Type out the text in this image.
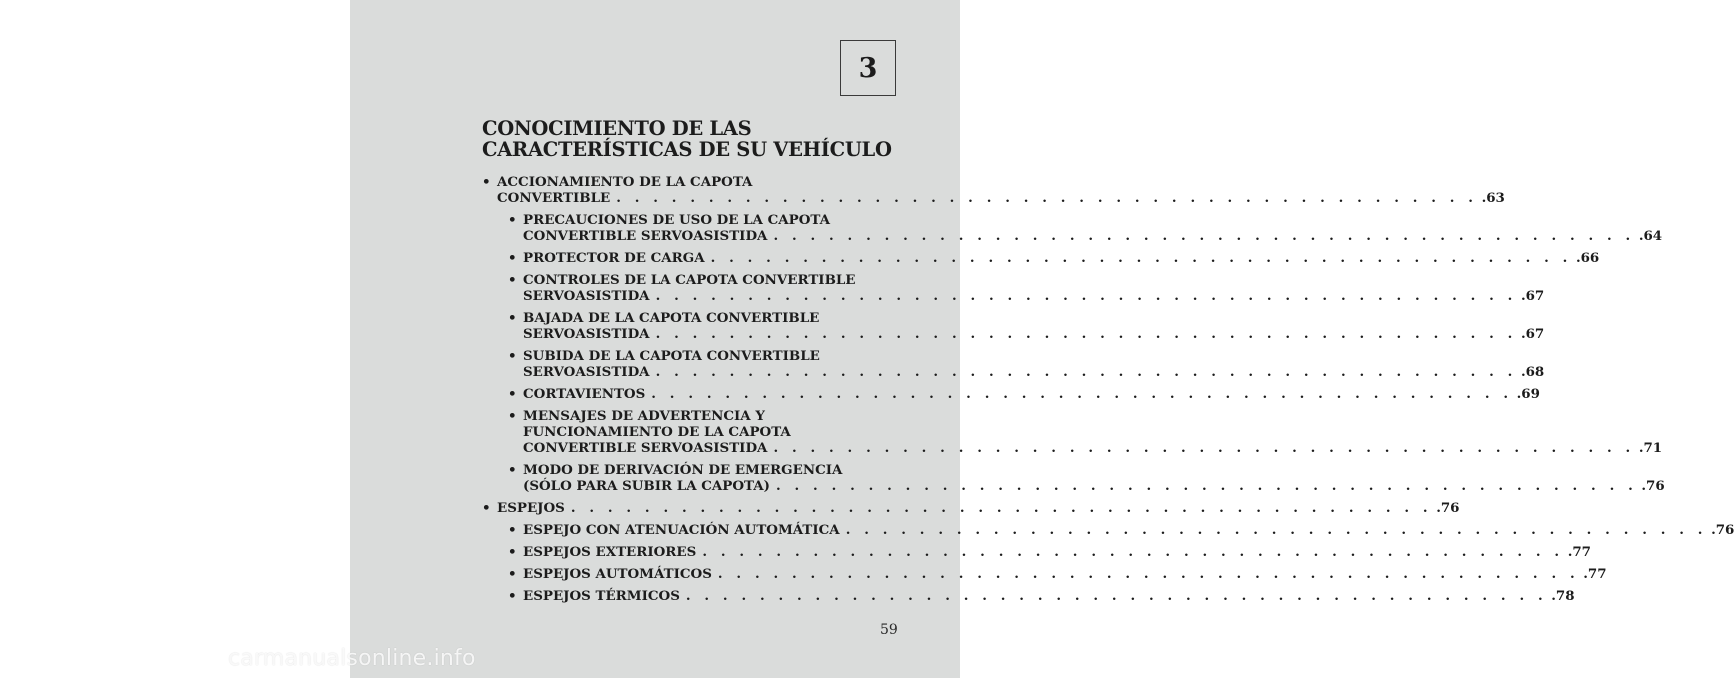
3
CONOCIMIENTO DE LAS
CARACTERÍSTICAS DE SU VEHÍCULO
• ACCIONAMIENTO DE LA CAPOTA
CONVERTIBLE . . . . . . . . . . . . . . . . . . . . . . . . . . . . . . . . . . . . . . . . . . . . . . . .63
• PRECAUCIONES DE USO DE LA CAPOTA
CONVERTIBLE SERVOASISTIDA . . . . . . . . . . . . . . . . . . . . . . . . . . . . . . . . . . . . . . . . . . . . . . . .64
• PROTECTOR DE CARGA . . . . . . . . . . . . . . . . . . . . . . . . . . . . . . . . . . . . . . . . . . . . . . . .66
• CONTROLES DE LA CAPOTA CONVERTIBLE
SERVOASISTIDA . . . . . . . . . . . . . . . . . . . . . . . . . . . . . . . . . . . . . . . . . . . . . . . .67
• BAJADA DE LA CAPOTA CONVERTIBLE
SERVOASISTIDA . . . . . . . . . . . . . . . . . . . . . . . . . . . . . . . . . . . . . . . . . . . . . . . .67
• SUBIDA DE LA CAPOTA CONVERTIBLE
SERVOASISTIDA . . . . . . . . . . . . . . . . . . . . . . . . . . . . . . . . . . . . . . . . . . . . . . . .68
• CORTAVIENTOS . . . . . . . . . . . . . . . . . . . . . . . . . . . . . . . . . . . . . . . . . . . . . . . .69
• MENSAJES DE ADVERTENCIA Y
FUNCIONAMIENTO DE LA CAPOTA
CONVERTIBLE SERVOASISTIDA . . . . . . . . . . . . . . . . . . . . . . . . . . . . . . . . . . . . . . . . . . . . . . . .71
• MODO DE DERIVACIÓN DE EMERGENCIA
(SÓLO PARA SUBIR LA CAPOTA) . . . . . . . . . . . . . . . . . . . . . . . . . . . . . . . . . . . . . . . . . . . . . . . .76
• ESPEJOS . . . . . . . . . . . . . . . . . . . . . . . . . . . . . . . . . . . . . . . . . . . . . . . .76
• ESPEJO CON ATENUACIÓN AUTOMÁTICA . . . . . . . . . . . . . . . . . . . . . . . . . . . . . . . . . . . . . . . . . . . . . . . .76
• ESPEJOS EXTERIORES . . . . . . . . . . . . . . . . . . . . . . . . . . . . . . . . . . . . . . . . . . . . . . . .77
• ESPEJOS AUTOMÁTICOS . . . . . . . . . . . . . . . . . . . . . . . . . . . . . . . . . . . . . . . . . . . . . . . .77
• ESPEJOS TÉRMICOS . . . . . . . . . . . . . . . . . . . . . . . . . . . . . . . . . . . . . . . . . . . . . . . .78
59
carmanualsonline.info
